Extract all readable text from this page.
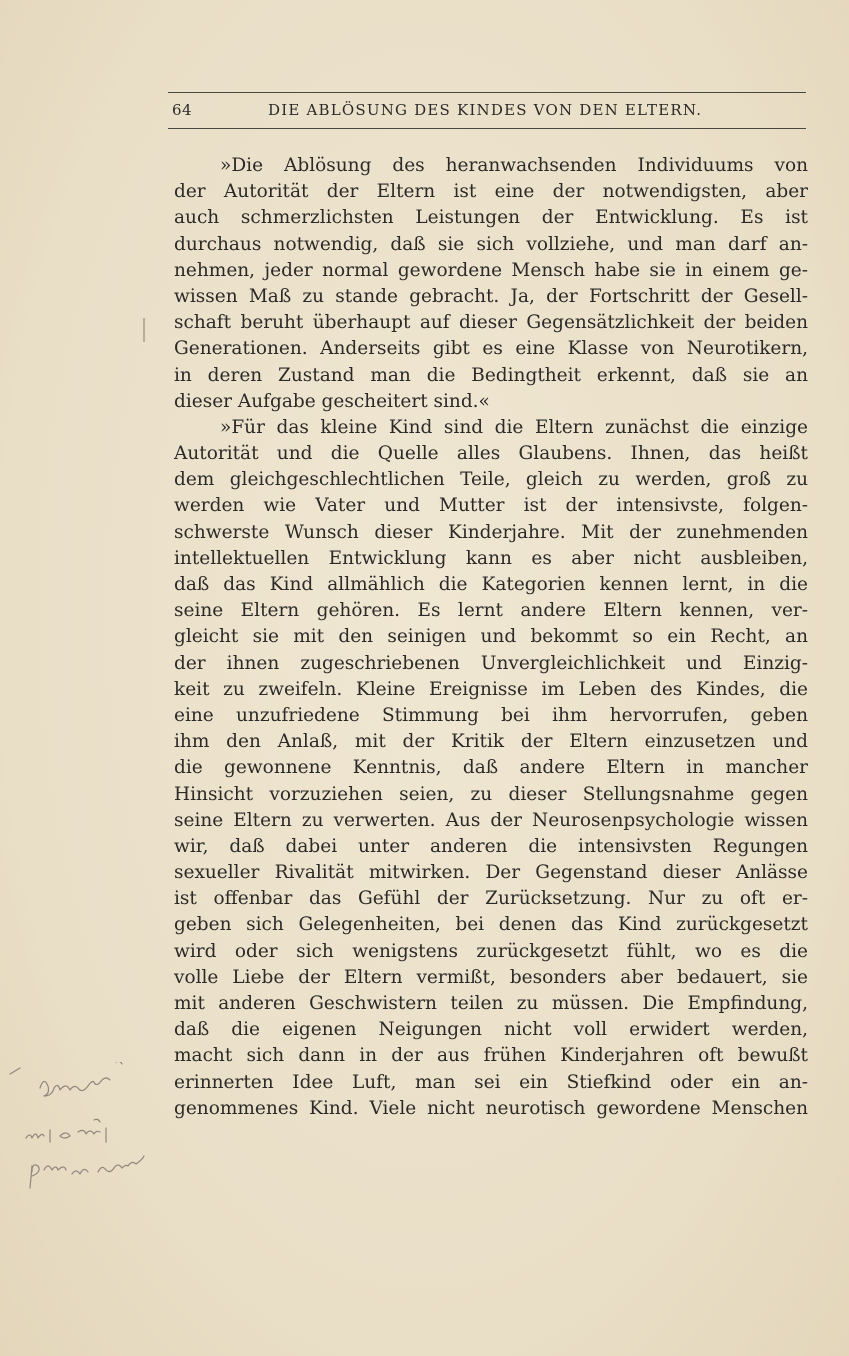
64	DIE ABLÖSUNG DES KINDES VON DEN ELTERN.
»Die Ablösung des heranwachsenden Individuums von
der Autorität der Eltern ist eine der notwendigsten, aber
auch schmerzlichsten Leistungen der Entwicklung. Es ist
durchaus notwendig, daß sie sich vollziehe, und man darf an-
nehmen, jeder normal gewordene Mensch habe sie in einem ge-
wissen Maß zu stande gebracht. Ja, der Fortschritt der Gesell-
schaft beruht überhaupt auf dieser Gegensätzlichkeit der beiden
Generationen. Anderseits gibt es eine Klasse von Neurotikern,
in deren Zustand man die Bedingtheit erkennt, daß sie an
dieser Aufgabe gescheitert sind.«
»Für das kleine Kind sind die Eltern zunächst die einzige
Autorität und die Quelle alles Glaubens. Ihnen, das heißt
dem gleichgeschlechtlichen Teile, gleich zu werden, groß zu
werden wie Vater und Mutter ist der intensivste, folgen-
schwerste Wunsch dieser Kinderjahre. Mit der zunehmenden
intellektuellen Entwicklung kann es aber nicht ausbleiben,
daß das Kind allmählich die Kategorien kennen lernt, in die
seine Eltern gehören. Es lernt andere Eltern kennen, ver-
gleicht sie mit den seinigen und bekommt so ein Recht, an
der ihnen zugeschriebenen Unvergleichlichkeit und Einzig-
keit zu zweifeln. Kleine Ereignisse im Leben des Kindes, die
eine unzufriedene Stimmung bei ihm hervorrufen, geben
ihm den Anlaß, mit der Kritik der Eltern einzusetzen und
die gewonnene Kenntnis, daß andere Eltern in mancher
Hinsicht vorzuziehen seien, zu dieser Stellungsnahme gegen
seine Eltern zu verwerten. Aus der Neurosenpsychologie wissen
wir, daß dabei unter anderen die intensivsten Regungen
sexueller Rivalität mitwirken. Der Gegenstand dieser Anlässe
ist offenbar das Gefühl der Zurücksetzung. Nur zu oft er-
geben sich Gelegenheiten, bei denen das Kind zurückgesetzt
wird oder sich wenigstens zurückgesetzt fühlt, wo es die
volle Liebe der Eltern vermißt, besonders aber bedauert, sie
mit anderen Geschwistern teilen zu müssen. Die Empfindung,
daß die eigenen Neigungen nicht voll erwidert werden,
macht sich dann in der aus frühen Kinderjahren oft bewußt
erinnerten Idee Luft, man sei ein Stiefkind oder ein an-
genommenes Kind. Viele nicht neurotisch gewordene Menschen
